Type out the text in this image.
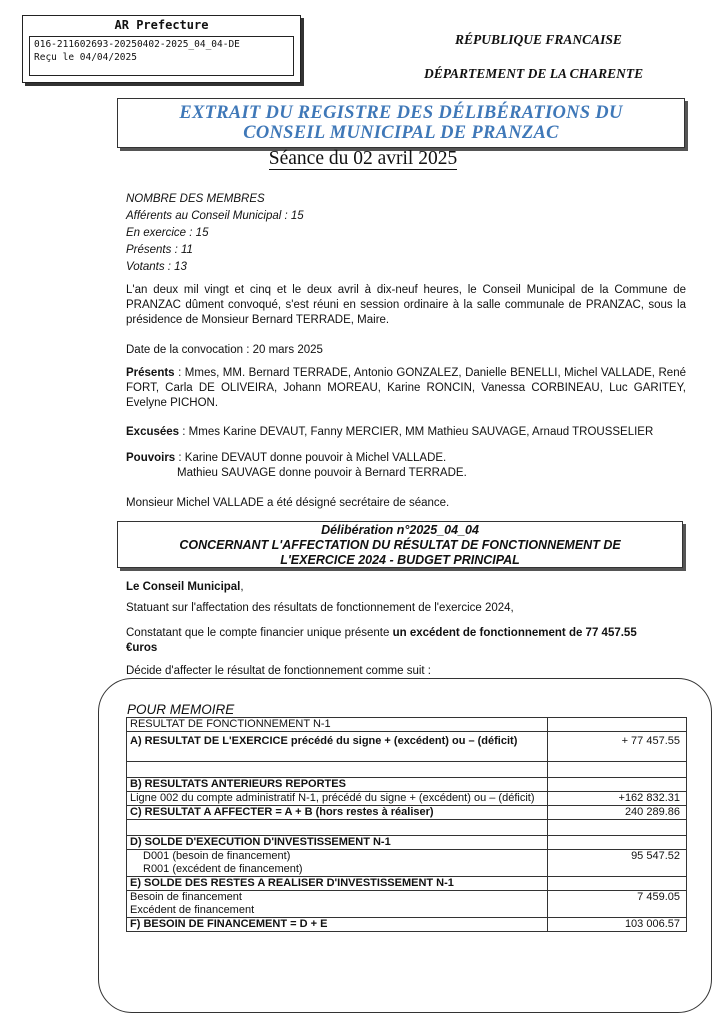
AR Prefecture
016-211602693-20250402-2025_04_04-DE
Reçu le 04/04/2025
RÉPUBLIQUE FRANCAISE
DÉPARTEMENT DE LA CHARENTE
EXTRAIT DU REGISTRE DES DÉLIBÉRATIONS DU
CONSEIL MUNICIPAL DE PRANZAC
Séance du 02 avril 2025
NOMBRE DES MEMBRES
Afférents au Conseil Municipal : 15
En exercice : 15
Présents : 11
Votants : 13
L'an deux mil vingt et cinq et le deux avril à dix-neuf heures, le Conseil Municipal de la Commune de PRANZAC dûment convoqué, s'est réuni en session ordinaire à la salle communale de PRANZAC, sous la présidence de Monsieur Bernard TERRADE, Maire.
Date de la convocation : 20 mars 2025
Présents : Mmes, MM. Bernard TERRADE, Antonio GONZALEZ, Danielle BENELLI, Michel VALLADE, René FORT, Carla DE OLIVEIRA, Johann MOREAU, Karine RONCIN, Vanessa CORBINEAU, Luc GARITEY, Evelyne PICHON.
Excusées : Mmes Karine DEVAUT, Fanny MERCIER, MM Mathieu SAUVAGE, Arnaud TROUSSELIER
Pouvoirs : Karine DEVAUT donne pouvoir à Michel VALLADE.
Mathieu SAUVAGE donne pouvoir à Bernard TERRADE.
Monsieur Michel VALLADE a été désigné secrétaire de séance.
Délibération n°2025_04_04
CONCERNANT L'AFFECTATION DU RÉSULTAT DE FONCTIONNEMENT DE
L'EXERCICE 2024 - BUDGET PRINCIPAL
Le Conseil Municipal,
Statuant sur l'affectation des résultats de fonctionnement de l'exercice 2024,
Constatant que le compte financier unique présente un excédent de fonctionnement de 77 457.55 €uros
Décide d'affecter le résultat de fonctionnement comme suit :
POUR MEMOIRE
RESULTAT DE FONCTIONNEMENT N-1	
A) RESULTAT DE L'EXERCICE précédé du signe + (excédent) ou – (déficit)	+ 77 457.55

B) RESULTATS ANTERIEURS REPORTES	
Ligne 002 du compte administratif N-1, précédé du signe + (excédent) ou – (déficit)	+162 832.31
C) RESULTAT A AFFECTER = A + B (hors restes à réaliser)	240 289.86

D) SOLDE D'EXECUTION D'INVESTISSEMENT N-1	

D001 (besoin de financement)
R001 (excédent de financement)	95 547.52
E) SOLDE DES RESTES A REALISER D'INVESTISSEMENT N-1	

Besoin de financement
Excédent de financement	7 459.05
F) BESOIN DE FINANCEMENT = D + E	103 006.57
